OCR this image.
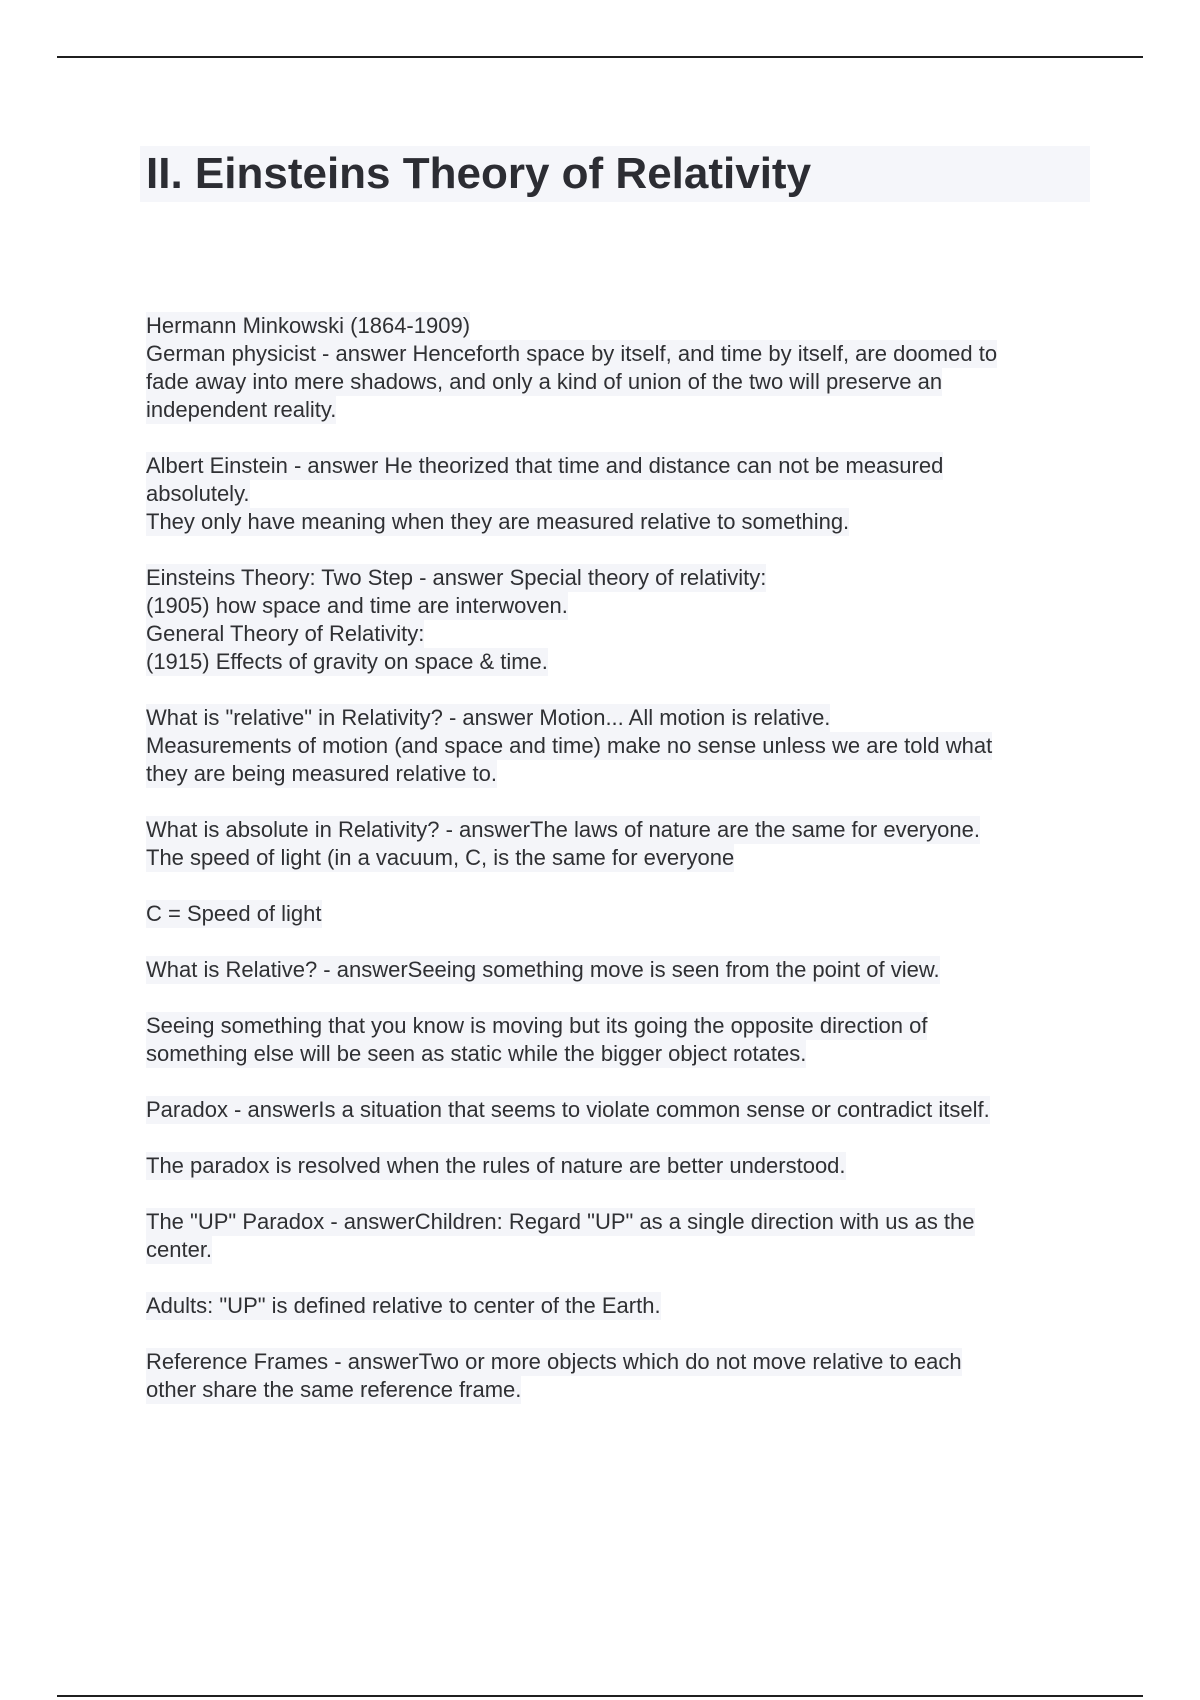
II. Einsteins Theory of Relativity
Hermann Minkowski (1864-1909)
German physicist - answer Henceforth space by itself, and time by itself, are doomed to
fade away into mere shadows, and only a kind of union of the two will preserve an
independent reality.
Albert Einstein - answer He theorized that time and distance can not be measured
absolutely.
They only have meaning when they are measured relative to something.
Einsteins Theory: Two Step - answer Special theory of relativity:
(1905) how space and time are interwoven.
General Theory of Relativity:
(1915) Effects of gravity on space & time.
What is "relative" in Relativity? - answer Motion... All motion is relative.
Measurements of motion (and space and time) make no sense unless we are told what
they are being measured relative to.
What is absolute in Relativity? - answerThe laws of nature are the same for everyone.
The speed of light (in a vacuum, C, is the same for everyone
C = Speed of light
What is Relative? - answerSeeing something move is seen from the point of view.
Seeing something that you know is moving but its going the opposite direction of
something else will be seen as static while the bigger object rotates.
Paradox - answerIs a situation that seems to violate common sense or contradict itself.
The paradox is resolved when the rules of nature are better understood.
The "UP" Paradox - answerChildren: Regard "UP" as a single direction with us as the
center.
Adults: "UP" is defined relative to center of the Earth.
Reference Frames - answerTwo or more objects which do not move relative to each
other share the same reference frame.
